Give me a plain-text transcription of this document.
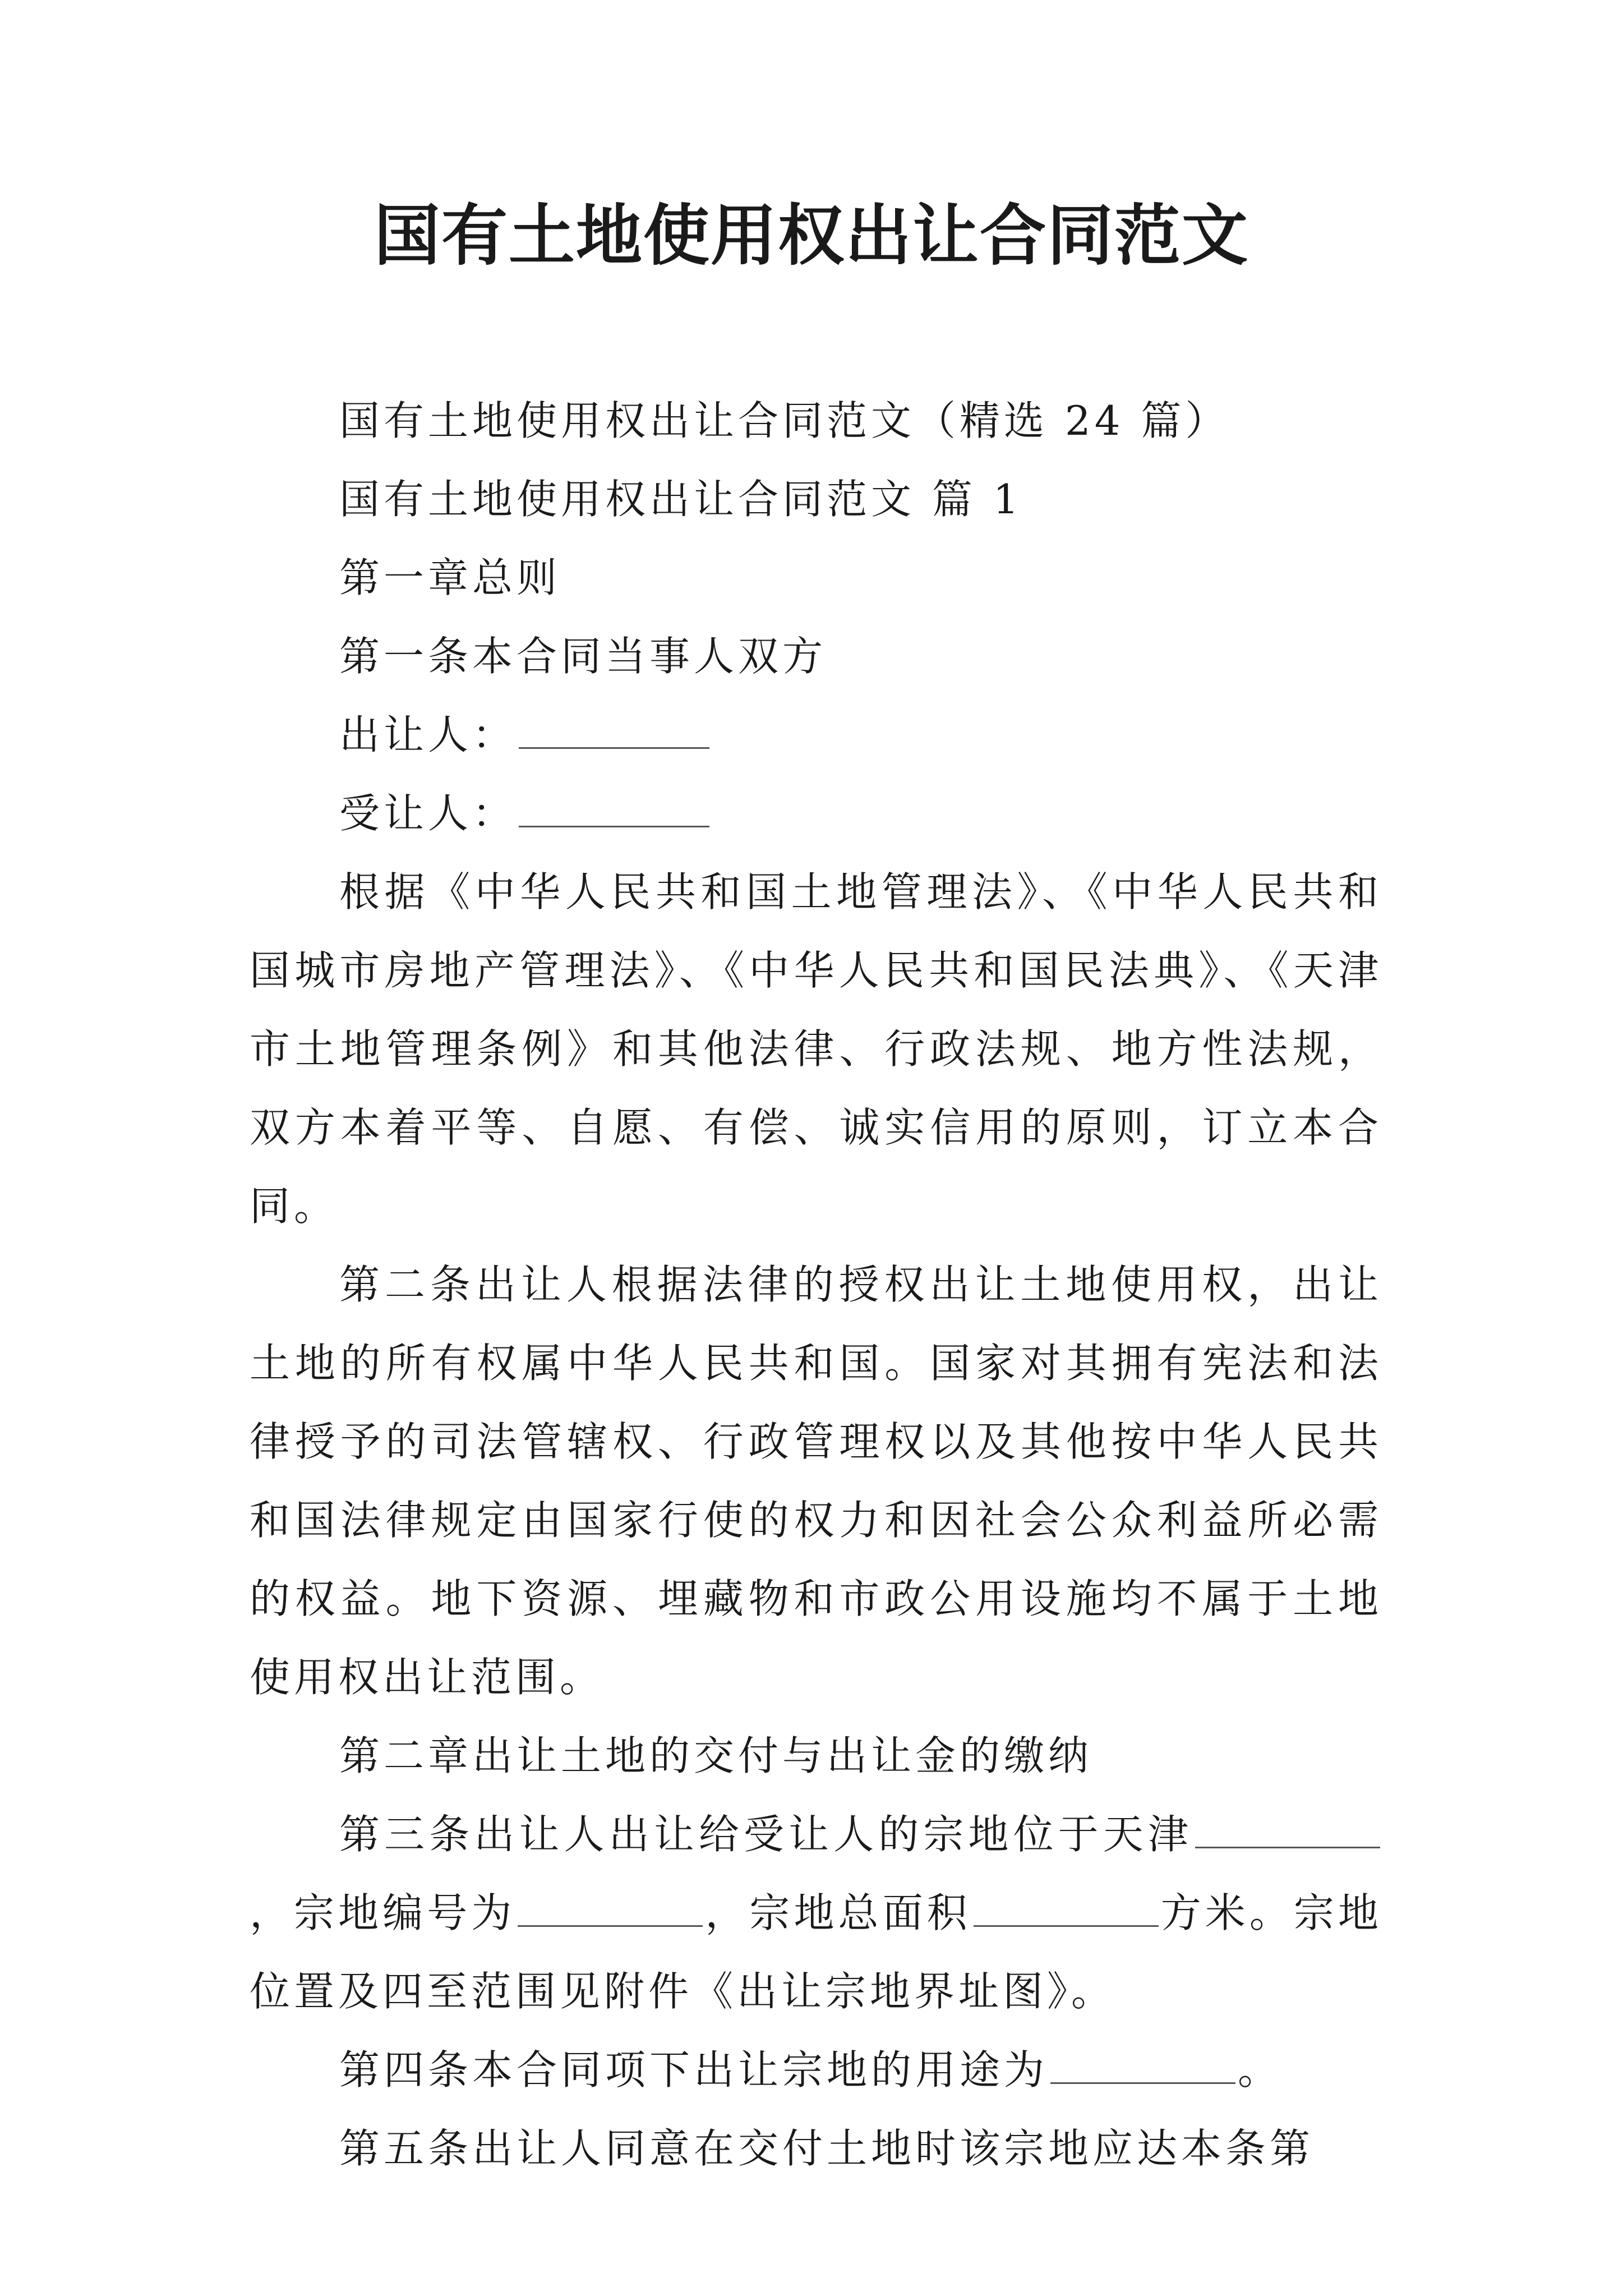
国有土地使用权出让合同范文

国有土地使用权出让合同范文（精选 24 篇）

国有土地使用权出让合同范文 篇 1

第一章总则

第一条本合同当事人双方

出让人：

受让人：

根据《中华人民共和国土地管理法》、《中华人民共和国城市房地产管理法》、《中华人民共和国民法典》、《天津市土地管理条例》和其他法律、行政法规、地方性法规，双方本着平等、自愿、有偿、诚实信用的原则，订立本合同。

第二条出让人根据法律的授权出让土地使用权，出让土地的所有权属中华人民共和国。国家对其拥有宪法和法律授予的司法管辖权、行政管理权以及其他按中华人民共和国法律规定由国家行使的权力和因社会公众利益所必需的权益。地下资源、埋藏物和市政公用设施均不属于土地使用权出让范围。

第二章出让土地的交付与出让金的缴纳

第三条出让人出让给受让人的宗地位于天津，宗地编号为	，宗地总面积	方米。宗地位置及四至范围见附件《出让宗地界址图》。

第四条本合同项下出让宗地的用途为	。

第五条出让人同意在交付土地时该宗地应达本条第
